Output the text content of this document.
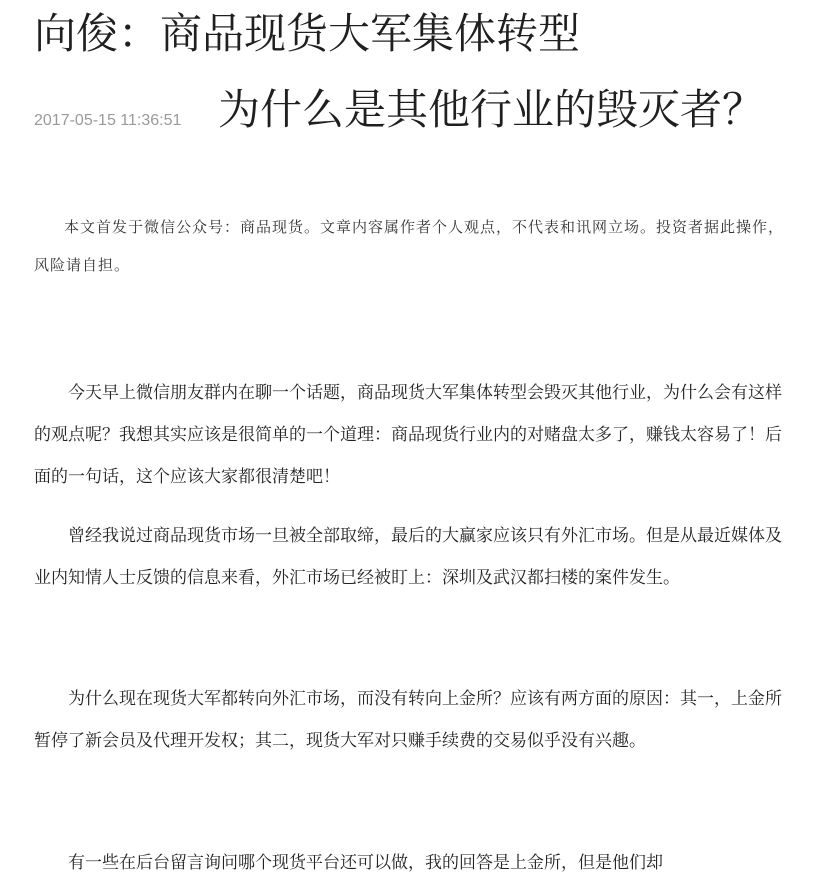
向俊：商品现货大军集体转型
2017-05-15 11:36:51 为什么是其他行业的毁灭者？
本文首发于微信公众号：商品现货。文章内容属作者个人观点，不代表和讯网立场。投资者据此操作，风险请自担。

今天早上微信朋友群内在聊一个话题，商品现货大军集体转型会毁灭其他行业，为什么会有这样的观点呢？我想其实应该是很简单的一个道理：商品现货行业内的对赌盘太多了，赚钱太容易了！后面的一句话，这个应该大家都很清楚吧！

曾经我说过商品现货市场一旦被全部取缔，最后的大赢家应该只有外汇市场。但是从最近媒体及业内知情人士反馈的信息来看，外汇市场已经被盯上：深圳及武汉都扫楼的案件发生。

为什么现在现货大军都转向外汇市场，而没有转向上金所？应该有两方面的原因：其一，上金所暂停了新会员及代理开发权；其二，现货大军对只赚手续费的交易似乎没有兴趣。

有一些在后台留言询问哪个现货平台还可以做，我的回答是上金所，但是他们却
